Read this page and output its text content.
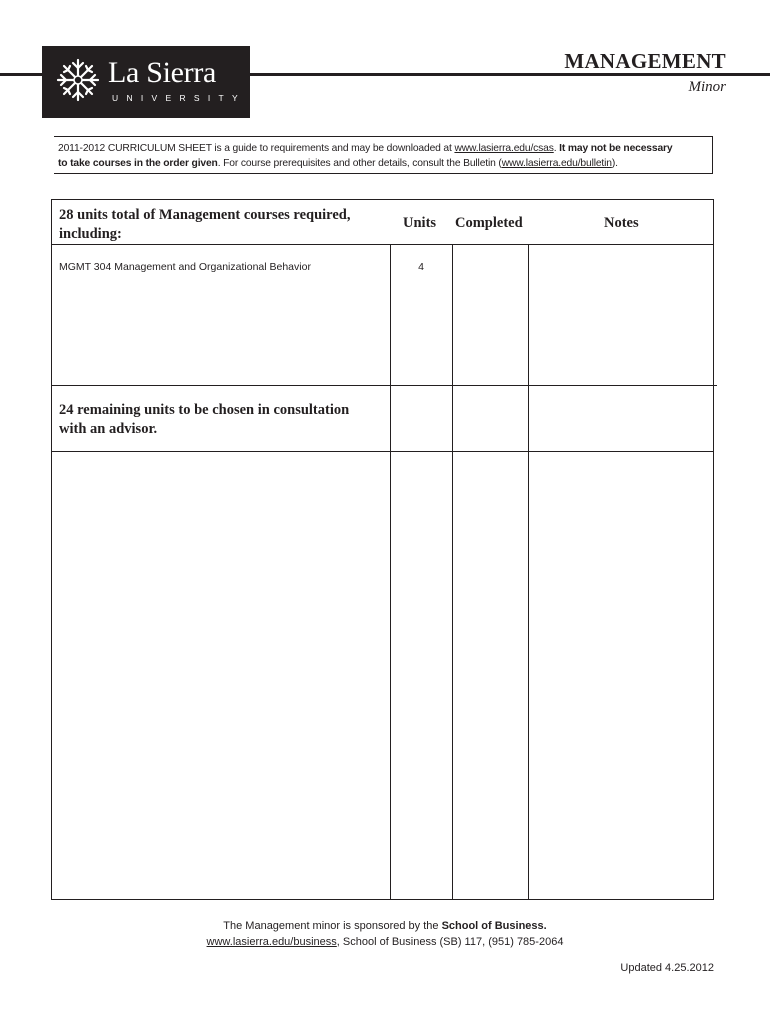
La Sierra
UNIVERSITY
MANAGEMENT
Minor
2011-2012 CURRICULUM SHEET is a guide to requirements and may be downloaded at www.lasierra.edu/csas. It may not be necessary
to take courses in the order given. For course prerequisites and other details, consult the Bulletin (www.lasierra.edu/bulletin).
28 units total of Management courses required, including:
Units Completed	Notes
MGMT 304 Management and Organizational Behavior	4
24 remaining units to be chosen in consultation with an advisor.
The Management minor is sponsored by the School of Business.
www.lasierra.edu/business, School of Business (SB) 117, (951) 785-2064
Updated 4.25.2012
